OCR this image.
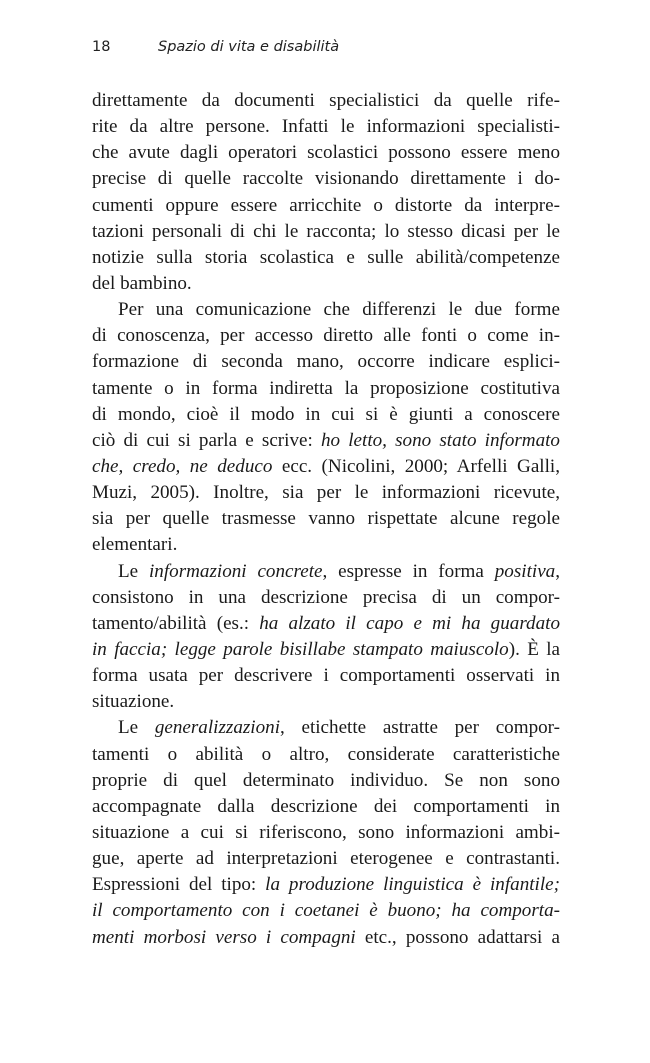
18	Spazio di vita e disabilità
direttamente da documenti specialistici da quelle rife-
rite da altre persone. Infatti le informazioni specialisti-
che avute dagli operatori scolastici possono essere meno
precise di quelle raccolte visionando direttamente i do-
cumenti oppure essere arricchite o distorte da interpre-
tazioni personali di chi le racconta; lo stesso dicasi per le
notizie sulla storia scolastica e sulle abilità/competenze
del bambino.
Per una comunicazione che differenzi le due forme
di conoscenza, per accesso diretto alle fonti o come in-
formazione di seconda mano, occorre indicare esplici-
tamente o in forma indiretta la proposizione costitutiva
di mondo, cioè il modo in cui si è giunti a conoscere
ciò di cui si parla e scrive: ho letto, sono stato informato
che, credo, ne deduco ecc. (Nicolini, 2000; Arfelli Galli,
Muzi, 2005). Inoltre, sia per le informazioni ricevute,
sia per quelle trasmesse vanno rispettate alcune regole
elementari.
Le informazioni concrete, espresse in forma positiva,
consistono in una descrizione precisa di un compor-
tamento/abilità (es.: ha alzato il capo e mi ha guardato
in faccia; legge parole bisillabe stampato maiuscolo). È la
forma usata per descrivere i comportamenti osservati in
situazione.
Le generalizzazioni, etichette astratte per compor-
tamenti o abilità o altro, considerate caratteristiche
proprie di quel determinato individuo. Se non sono
accompagnate dalla descrizione dei comportamenti in
situazione a cui si riferiscono, sono informazioni ambi-
gue, aperte ad interpretazioni eterogenee e contrastanti.
Espressioni del tipo: la produzione linguistica è infantile;
il comportamento con i coetanei è buono; ha comporta-
menti morbosi verso i compagni etc., possono adattarsi a
